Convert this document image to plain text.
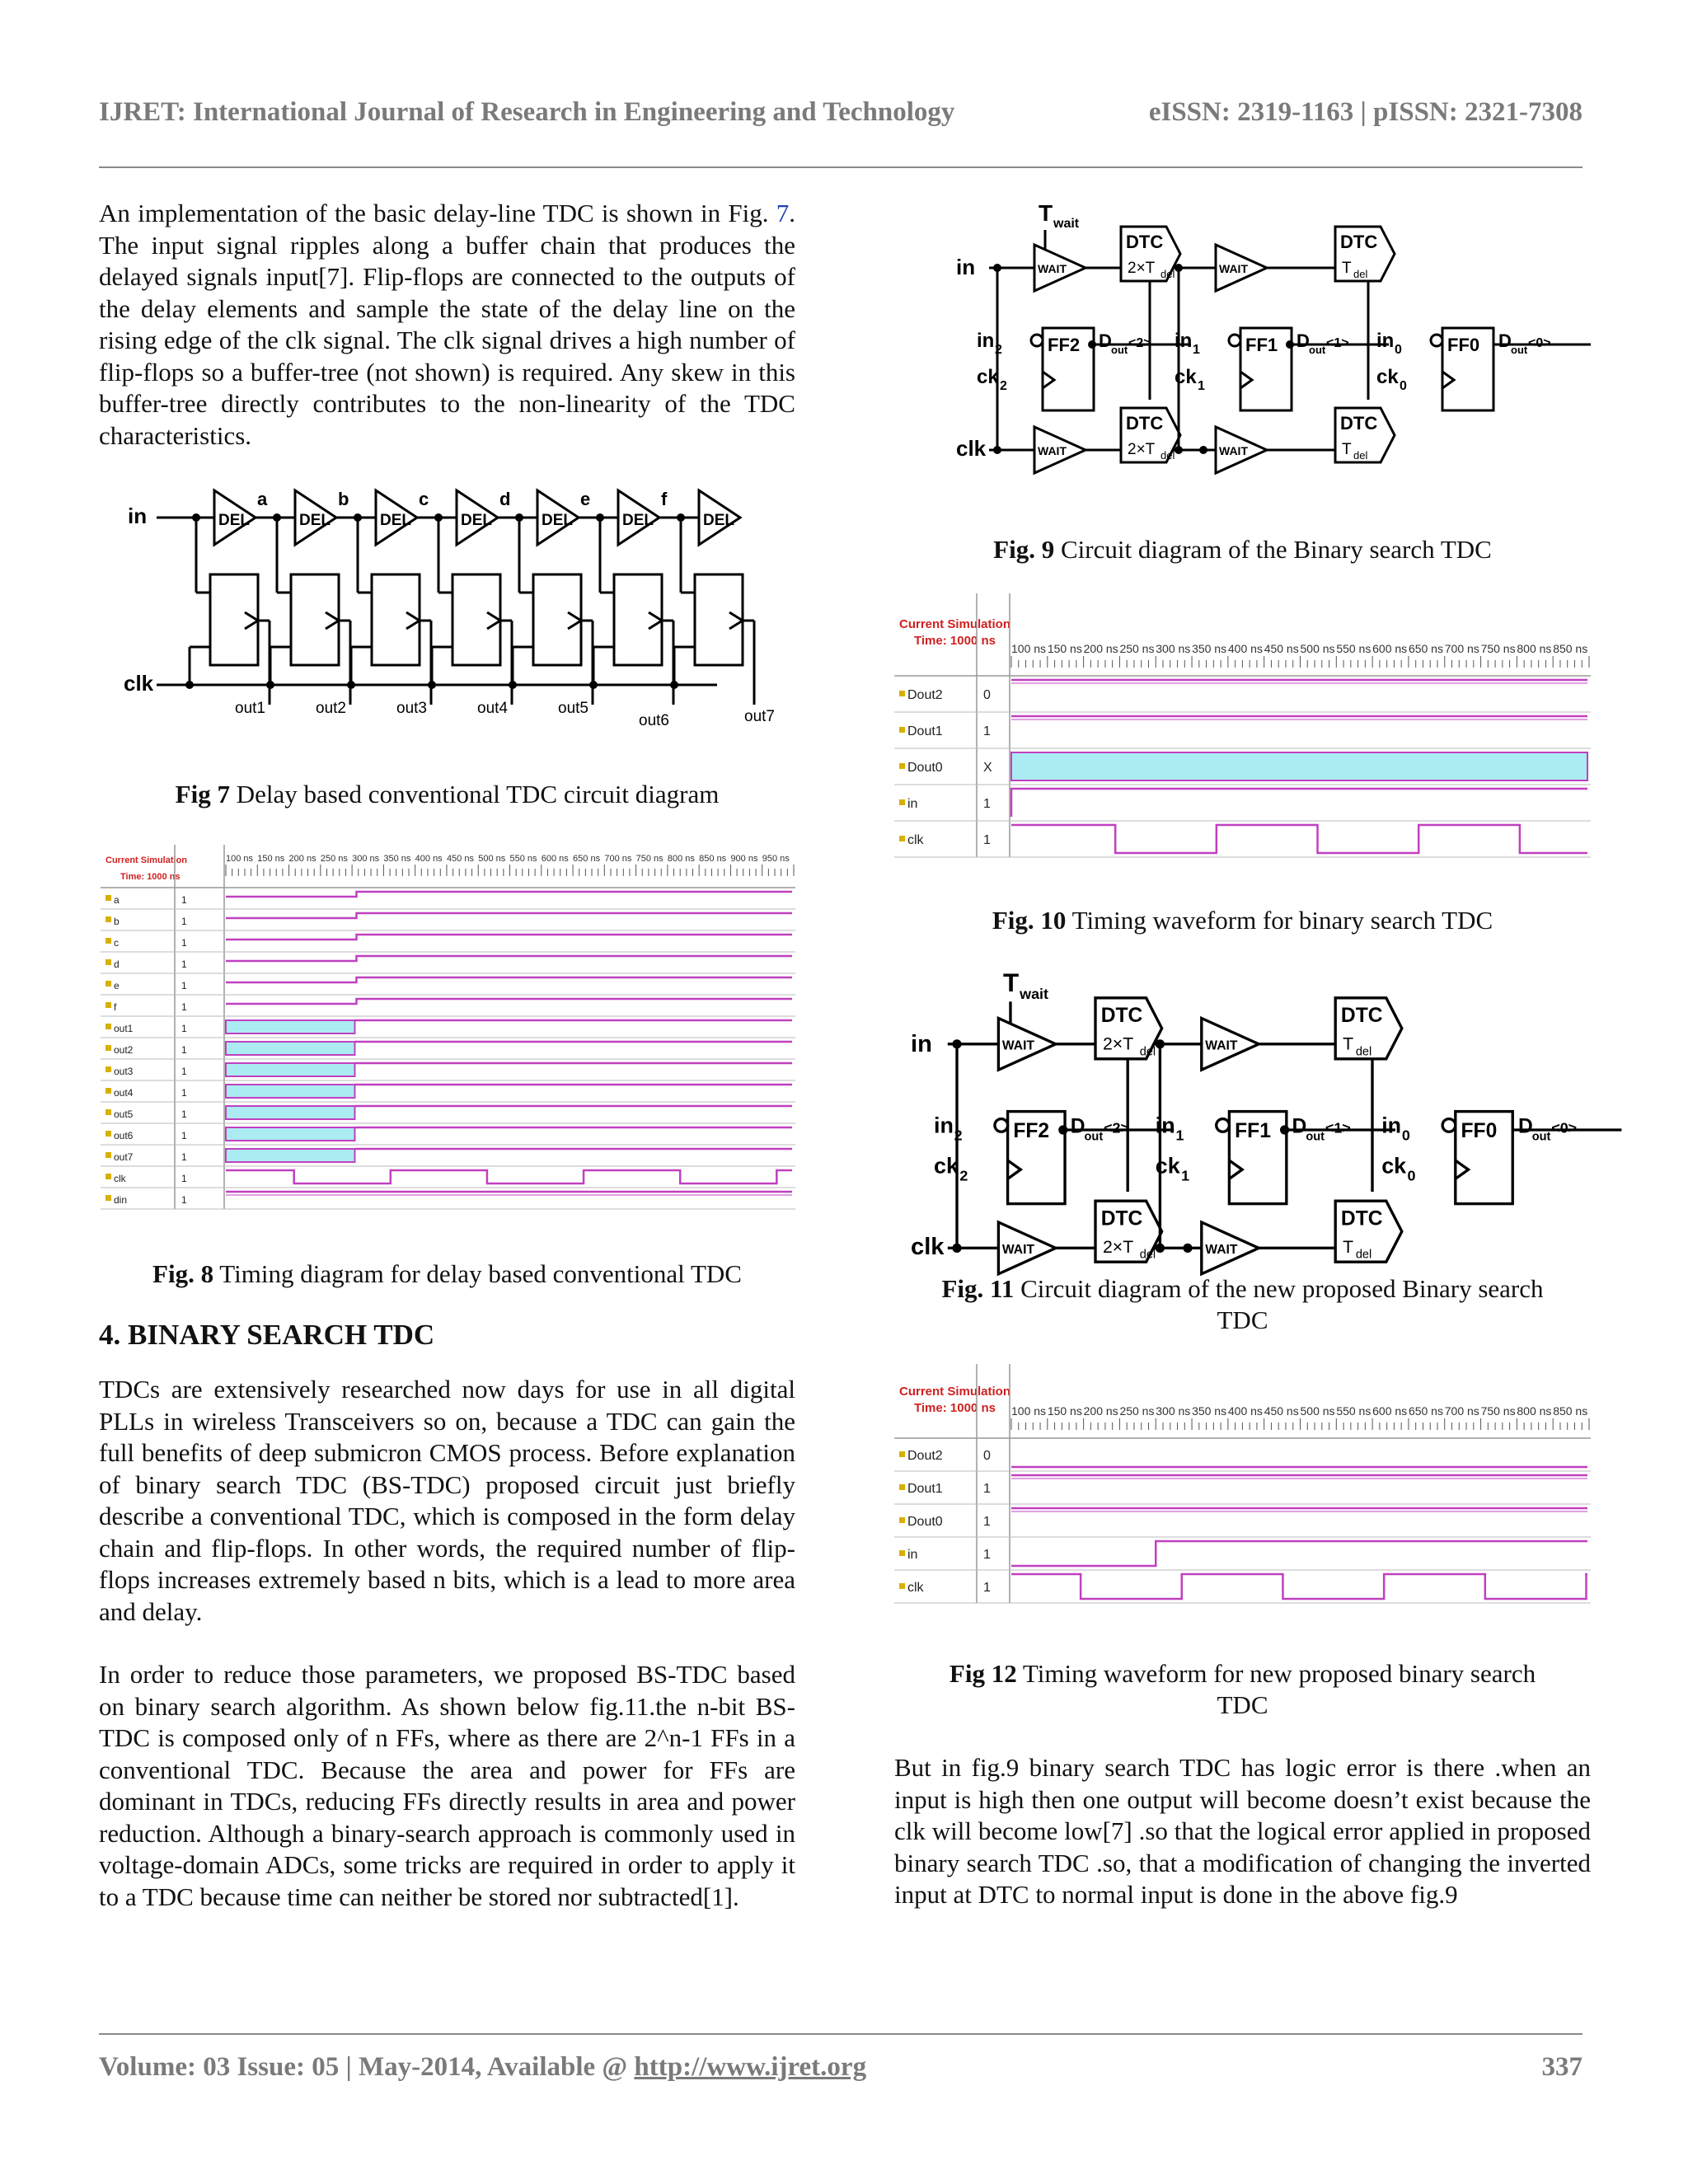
IJRET: International Journal of Research in Engineering and Technology	eISSN: 2319-1163 | pISSN: 2321-7308

An implementation of the basic delay-line TDC is shown in Fig. 7. The input signal ripples along a buffer chain that produces the delayed signals input[7]. Flip-flops are connected to the outputs of the delay elements and sample the state of the delay line on the rising edge of the clk signal. The clk signal drives a high number of flip-flops so a buffer-tree (not shown) is required. Any skew in this buffer-tree directly contributes to the non-linearity of the TDC characteristics.

in
clk
DEL
a
out1
DEL
b
out2
DEL
c
out3
DEL
d
out4
DEL
e
out5
DEL
f
out6
DEL
out7
Fig 7 Delay based conventional TDC circuit diagram
Current Simulation
Time: 1000 ns
100 ns 150 ns 200 ns 250 ns 300 ns 350 ns 400 ns 450 ns 500 ns 550 ns 600 ns 650 ns 700 ns 750 ns 800 ns 850 ns 900 ns 950 ns
a	1
b	1
c	1
d	1
e	1
f	1
out1	1
out2	1
out3	1
out4	1
out5	1
out6	1
out7	1
clk	1
din	1
Fig. 8 Timing diagram for delay based conventional TDC
4. BINARY SEARCH TDC

TDCs are extensively researched now days for use in all digital PLLs in wireless Transceivers so on, because a TDC can gain the full benefits of deep submicron CMOS process. Before explanation of binary search TDC (BS-TDC) proposed circuit just briefly describe a conventional TDC, which is composed in the form delay chain and flip-flops. In other words, the required number of flip-flops increases extremely based n bits, which is a lead to more area and delay.

In order to reduce those parameters, we proposed BS-TDC based on binary search algorithm. As shown below fig.11.the n-bit BS-TDC is composed only of n FFs, where as there are 2^n-1 FFs in a conventional TDC. Because the area and power for FFs are dominant in TDCs, reducing FFs directly results in area and power reduction. Although a binary-search approach is commonly used in voltage-domain ADCs, some tricks are required in order to apply it to a TDC because time can neither be stored nor subtracted[1].

T wait
in
clk
WAIT	WAIT
WAIT	WAIT
DTC
2×T del
DTC
T del
DTC
2×T del
DTC
T del
FF2
in 2
ck 2
D out <2>	FF1
in 1
ck 1
D out <1>	FF0
in 0
ck 0
D out <0>
Fig. 9 Circuit diagram of the Binary search TDC
Current Simulation
Time: 1000 ns
100 ns 150 ns 200 ns 250 ns 300 ns 350 ns 400 ns 450 ns 500 ns 550 ns 600 ns 650 ns 700 ns 750 ns 800 ns 850 ns
Dout2	0
Dout1	1
Dout0	X
in	1
clk	1
Fig. 10 Timing waveform for binary search TDC
T wait
in
clk
WAIT	WAIT
WAIT	WAIT
DTC
2×T del
DTC
T del
DTC
2×T del
DTC
T del
FF2
in 2
ck 2
D out
<2>	FF1
in 1
ck 1
D out
<1>	FF0
in 0
ck 0
D out
<0>
Fig. 11 Circuit diagram of the new proposed Binary search
TDC
Current Simulation
Time: 1000 ns 100 ns 150 ns 200 ns 250 ns 300 ns 350 ns 400 ns 450 ns 500 ns 550 ns 600 ns 650 ns 700 ns 750 ns 800 ns 850 ns
Dout2	0
Dout1	1
Dout0	1
in	1
clk	1
Fig 12 Timing waveform for new proposed binary search
TDC

But in fig.9 binary search TDC has logic error is there .when an input is high then one output will become doesn’t exist because the clk will become low[7] .so that the logical error applied in proposed binary search TDC .so, that a modification of changing the inverted input at DTC to normal input is done in the above fig.9

Volume: 03 Issue: 05 | May-2014, Available @ http://www.ijret.org	337
